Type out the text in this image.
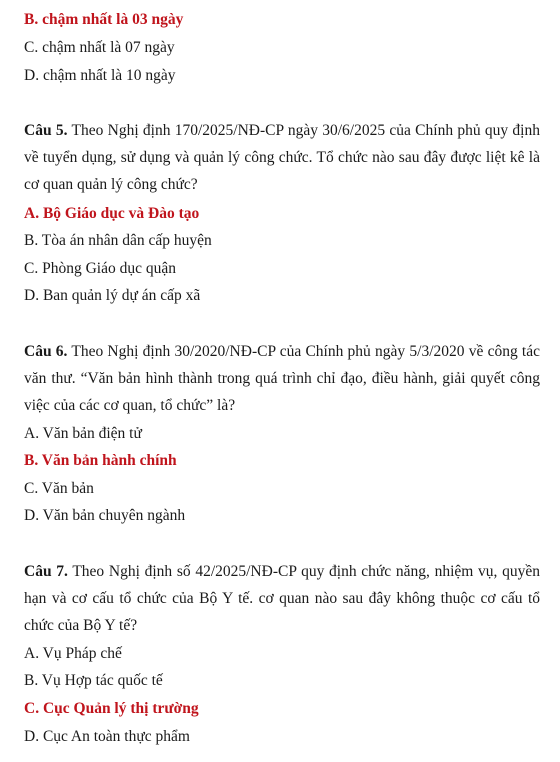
B. chậm nhất là 03 ngày
C. chậm nhất là 07 ngày
D. chậm nhất là 10 ngày
Câu 5. Theo Nghị định 170/2025/NĐ-CP ngày 30/6/2025 của Chính phủ quy định về tuyển dụng, sử dụng và quản lý công chức. Tổ chức nào sau đây được liệt kê là cơ quan quản lý công chức?
A. Bộ Giáo dục và Đào tạo
B. Tòa án nhân dân cấp huyện
C. Phòng Giáo dục quận
D. Ban quản lý dự án cấp xã
Câu 6. Theo Nghị định 30/2020/NĐ-CP của Chính phủ ngày 5/3/2020 về công tác văn thư. “Văn bản hình thành trong quá trình chỉ đạo, điều hành, giải quyết công việc của các cơ quan, tổ chức” là?
A. Văn bản điện tử
B. Văn bản hành chính
C. Văn bản
D. Văn bản chuyên ngành
Câu 7. Theo Nghị định số 42/2025/NĐ-CP quy định chức năng, nhiệm vụ, quyền hạn và cơ cấu tổ chức của Bộ Y tế. cơ quan nào sau đây không thuộc cơ cấu tổ chức của Bộ Y tế?
A. Vụ Pháp chế
B. Vụ Hợp tác quốc tế
C. Cục Quản lý thị trường
D. Cục An toàn thực phẩm
